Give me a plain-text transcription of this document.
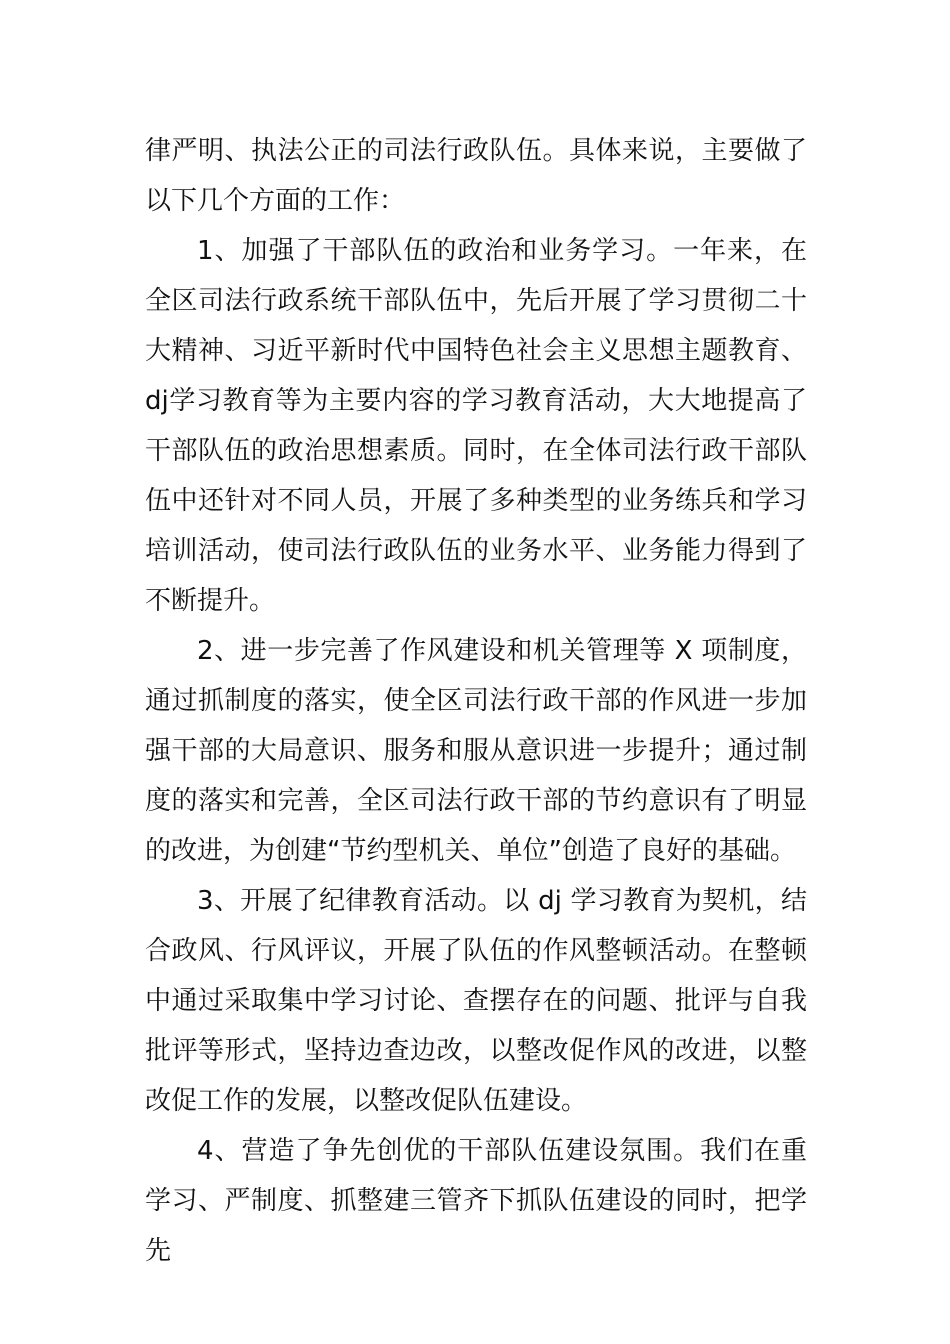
律严明、执法公正的司法行政队伍。具体来说，主要做了以下几个方面的工作：

1、加强了干部队伍的政治和业务学习。一年来，在全区司法行政系统干部队伍中，先后开展了学习贯彻二十大精神、习近平新时代中国特色社会主义思想主题教育、dj学习教育等为主要内容的学习教育活动，大大地提高了干部队伍的政治思想素质。同时，在全体司法行政干部队伍中还针对不同人员，开展了多种类型的业务练兵和学习培训活动，使司法行政队伍的业务水平、业务能力得到了不断提升。

2、进一步完善了作风建设和机关管理等 X 项制度，通过抓制度的落实，使全区司法行政干部的作风进一步加强干部的大局意识、服务和服从意识进一步提升；通过制度的落实和完善，全区司法行政干部的节约意识有了明显的改进，为创建“节约型机关、单位”创造了良好的基础。

3、开展了纪律教育活动。以 dj 学习教育为契机，结合政风、行风评议，开展了队伍的作风整顿活动。在整顿中通过采取集中学习讨论、查摆存在的问题、批评与自我批评等形式，坚持边查边改，以整改促作风的改进，以整改促工作的发展，以整改促队伍建设。

4、营造了争先创优的干部队伍建设氛围。我们在重学习、严制度、抓整建三管齐下抓队伍建设的同时，把学先
